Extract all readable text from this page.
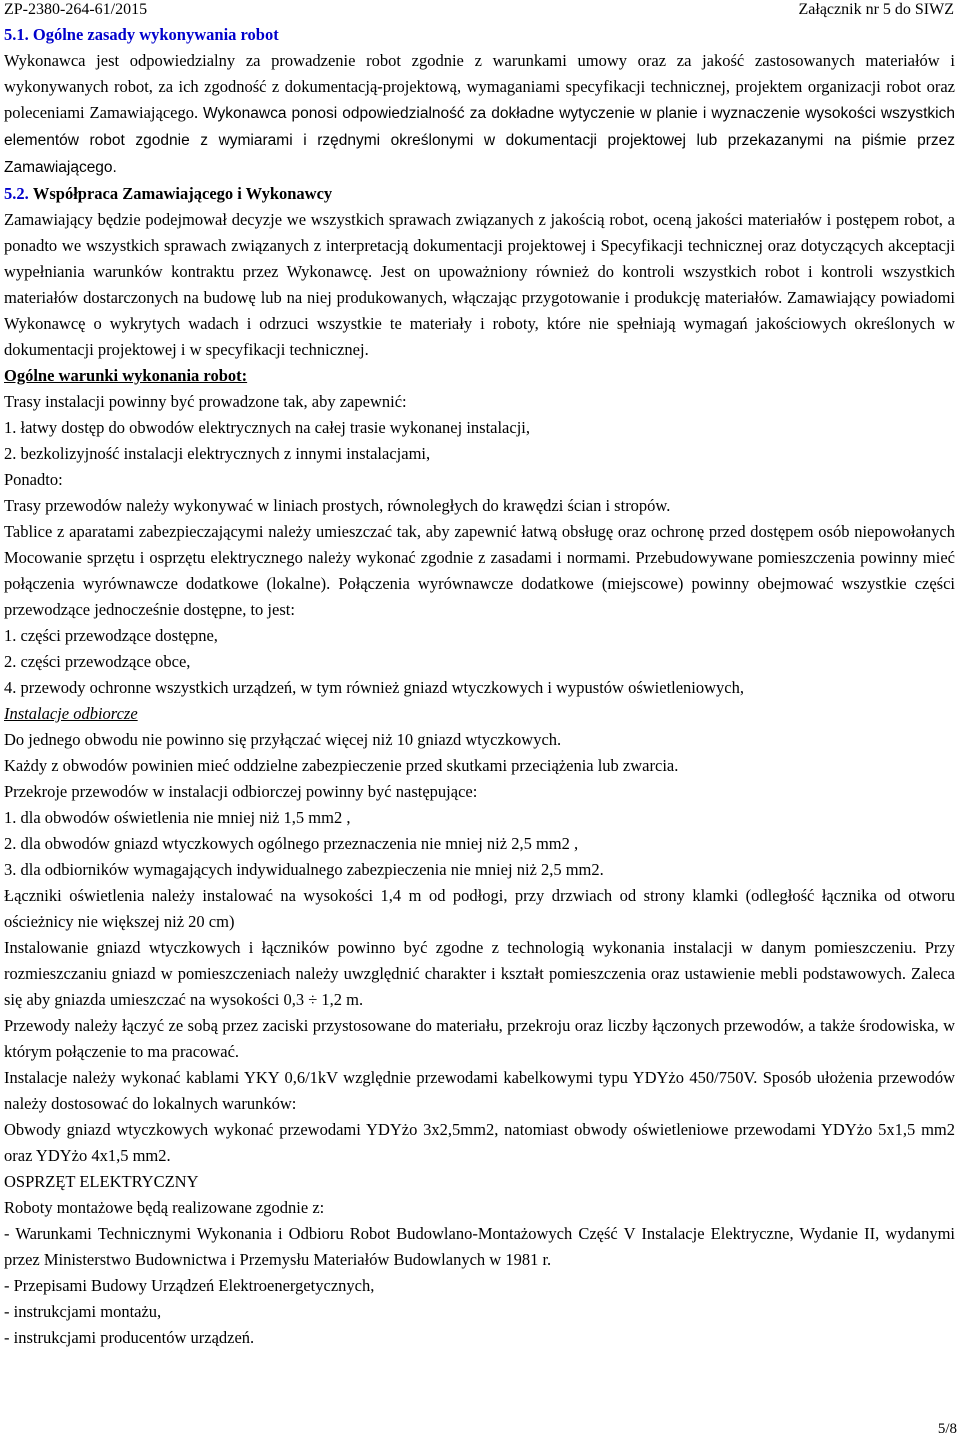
ZP-2380-264-61/2015	Załącznik nr 5 do SIWZ

5.1. Ogólne zasady wykonywania robot

Wykonawca jest odpowiedzialny za prowadzenie robot zgodnie z warunkami umowy oraz za jakość zastosowanych materiałów i wykonywanych robot, za ich zgodność z dokumentacją-projektową, wymaganiami specyfikacji technicznej, projektem organizacji robot oraz poleceniami Zamawiającego. Wykonawca ponosi odpowiedzialność za dokładne wytyczenie w planie i wyznaczenie wysokości wszystkich elementów robot zgodnie z wymiarami i rzędnymi określonymi w dokumentacji projektowej lub przekazanymi na piśmie przez Zamawiającego.

5.2. Współpraca Zamawiającego i Wykonawcy

Zamawiający będzie podejmował decyzje we wszystkich sprawach związanych z jakością robot, oceną jakości materiałów i postępem robot, a ponadto we wszystkich sprawach związanych z interpretacją dokumentacji projektowej i Specyfikacji technicznej oraz dotyczących akceptacji wypełniania warunków kontraktu przez Wykonawcę. Jest on upoważniony również do kontroli wszystkich robot i kontroli wszystkich materiałów dostarczonych na budowę lub na niej produkowanych, włączając przygotowanie i produkcję materiałów. Zamawiający powiadomi Wykonawcę o wykrytych wadach i odrzuci wszystkie te materiały i roboty, które nie spełniają wymagań jakościowych określonych w dokumentacji projektowej i w specyfikacji technicznej.

Ogólne warunki wykonania robot:

Trasy instalacji powinny być prowadzone tak, aby zapewnić:

1. łatwy dostęp do obwodów elektrycznych na całej trasie wykonanej instalacji,

2. bezkolizyjność instalacji elektrycznych z innymi instalacjami,

Ponadto:

Trasy przewodów należy wykonywać w liniach prostych, równoległych do krawędzi ścian i stropów.

Tablice z aparatami zabezpieczającymi należy umieszczać tak, aby zapewnić łatwą obsługę oraz ochronę przed dostępem osób niepowołanych Mocowanie sprzętu i osprzętu elektrycznego należy wykonać zgodnie z zasadami i normami. Przebudowywane pomieszczenia powinny mieć połączenia wyrównawcze dodatkowe (lokalne). Połączenia wyrównawcze dodatkowe (miejscowe) powinny obejmować wszystkie części przewodzące jednocześnie dostępne, to jest:

1. części przewodzące dostępne,

2. części przewodzące obce,

4. przewody ochronne wszystkich urządzeń, w tym również gniazd wtyczkowych i wypustów oświetleniowych,

Instalacje odbiorcze

Do jednego obwodu nie powinno się przyłączać więcej niż 10 gniazd wtyczkowych.

Każdy z obwodów powinien mieć oddzielne zabezpieczenie przed skutkami przeciążenia lub zwarcia.

Przekroje przewodów w instalacji odbiorczej powinny być następujące:

1. dla obwodów oświetlenia nie mniej niż 1,5 mm2 ,

2. dla obwodów gniazd wtyczkowych ogólnego przeznaczenia nie mniej niż 2,5 mm2 ,

3. dla odbiorników wymagających indywidualnego zabezpieczenia nie mniej niż 2,5 mm2.

Łączniki oświetlenia należy instalować na wysokości 1,4 m od podłogi, przy drzwiach od strony klamki (odległość łącznika od otworu ościeżnicy nie większej niż 20 cm)

Instalowanie gniazd wtyczkowych i łączników powinno być zgodne z technologią wykonania instalacji w danym pomieszczeniu. Przy rozmieszczaniu gniazd w pomieszczeniach należy uwzględnić charakter i kształt pomieszczenia oraz ustawienie mebli podstawowych. Zaleca się aby gniazda umieszczać na wysokości 0,3 ÷ 1,2 m.

Przewody należy łączyć ze sobą przez zaciski przystosowane do materiału, przekroju oraz liczby łączonych przewodów, a także środowiska, w którym połączenie to ma pracować.

Instalacje należy wykonać kablami YKY 0,6/1kV względnie przewodami kabelkowymi typu YDYżo 450/750V. Sposób ułożenia przewodów należy dostosować do lokalnych warunków:

Obwody gniazd wtyczkowych wykonać przewodami YDYżo 3x2,5mm2, natomiast obwody oświetleniowe przewodami YDYżo 5x1,5 mm2 oraz YDYżo 4x1,5 mm2.

OSPRZĘT ELEKTRYCZNY

Roboty montażowe będą realizowane zgodnie z:

- Warunkami Technicznymi Wykonania i Odbioru Robot Budowlano-Montażowych Część V Instalacje Elektryczne, Wydanie II, wydanymi przez Ministerstwo Budownictwa i Przemysłu Materiałów Budowlanych w 1981 r.

- Przepisami Budowy Urządzeń Elektroenergetycznych,

- instrukcjami montażu,

- instrukcjami producentów urządzeń.

5/8
